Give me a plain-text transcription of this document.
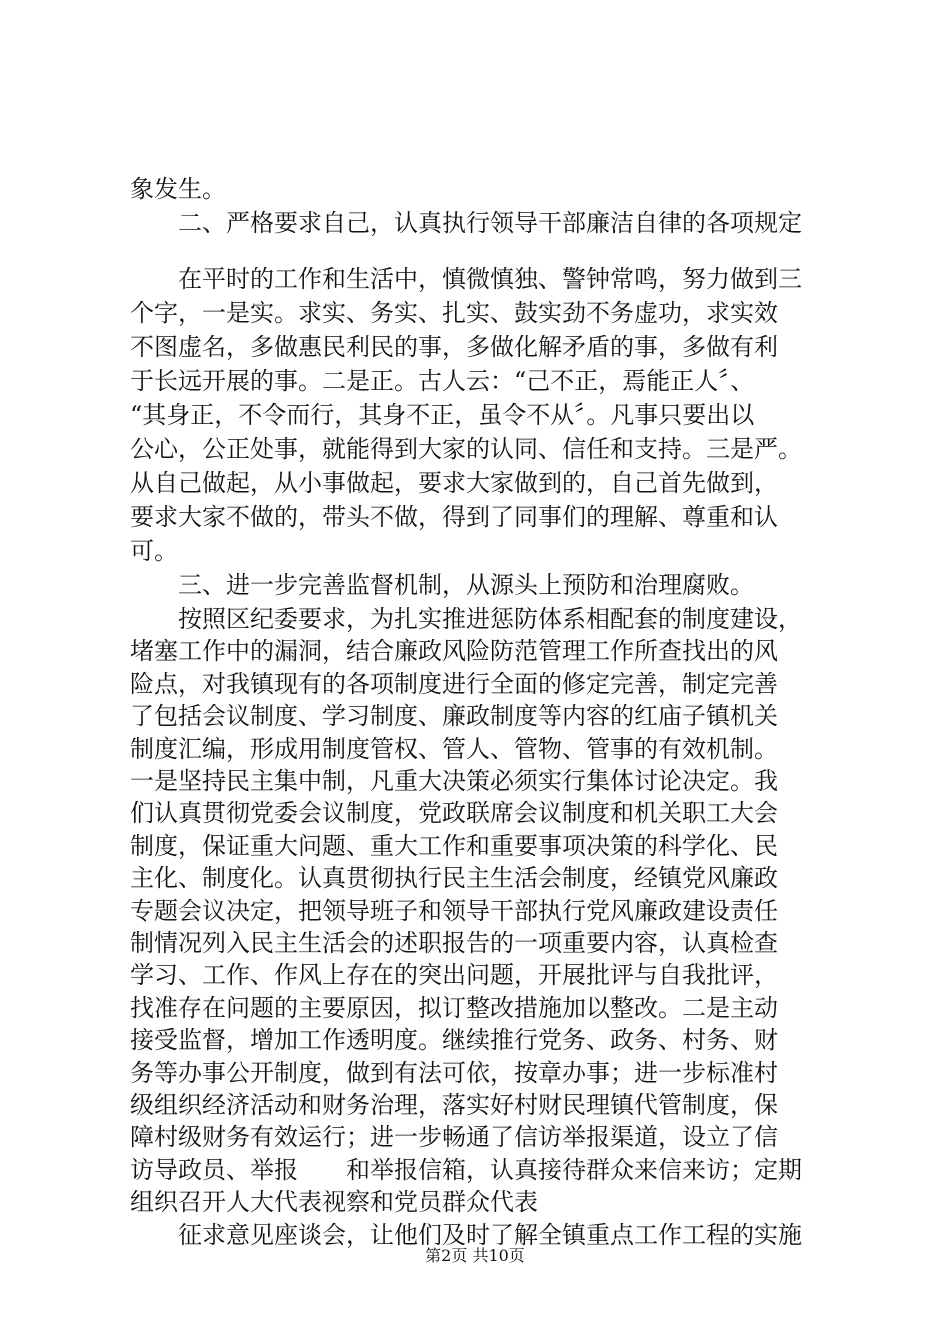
象发生。
　　二、严格要求自己，认真执行领导干部廉洁自律的各项规定
　　在平时的工作和生活中，慎微慎独、警钟常鸣，努力做到三
个字，一是实。求实、务实、扎实、鼓实劲不务虚功，求实效
不图虚名，多做惠民利民的事，多做化解矛盾的事，多做有利
于长远开展的事。二是正。古人云：“己不正，焉能正人〞、
“其身正，不令而行，其身不正，虽令不从〞。凡事只要出以
公心，公正处事，就能得到大家的认同、信任和支持。三是严。
从自己做起，从小事做起，要求大家做到的，自己首先做到，
要求大家不做的，带头不做，得到了同事们的理解、尊重和认
可。
　　三、进一步完善监督机制，从源头上预防和治理腐败。
　　按照区纪委要求，为扎实推进惩防体系相配套的制度建设，
堵塞工作中的漏洞，结合廉政风险防范管理工作所查找出的风
险点，对我镇现有的各项制度进行全面的修定完善，制定完善
了包括会议制度、学习制度、廉政制度等内容的红庙子镇机关
制度汇编，形成用制度管权、管人、管物、管事的有效机制。
一是坚持民主集中制，凡重大决策必须实行集体讨论决定。我
们认真贯彻党委会议制度，党政联席会议制度和机关职工大会
制度，保证重大问题、重大工作和重要事项决策的科学化、民
主化、制度化。认真贯彻执行民主生活会制度，经镇党风廉政
专题会议决定，把领导班子和领导干部执行党风廉政建设责任
制情况列入民主生活会的述职报告的一项重要内容，认真检查
学习、工作、作风上存在的突出问题，开展批评与自我批评，
找准存在问题的主要原因，拟订整改措施加以整改。二是主动
接受监督，增加工作透明度。继续推行党务、政务、村务、财
务等办事公开制度，做到有法可依，按章办事；进一步标准村
级组织经济活动和财务治理，落实好村财民理镇代管制度，保
障村级财务有效运行；进一步畅通了信访举报渠道，设立了信
访导政员、举报　　和举报信箱，认真接待群众来信来访；定期
组织召开人大代表视察和党员群众代表
　　征求意见座谈会，让他们及时了解全镇重点工作工程的实施
第2页 共10页
